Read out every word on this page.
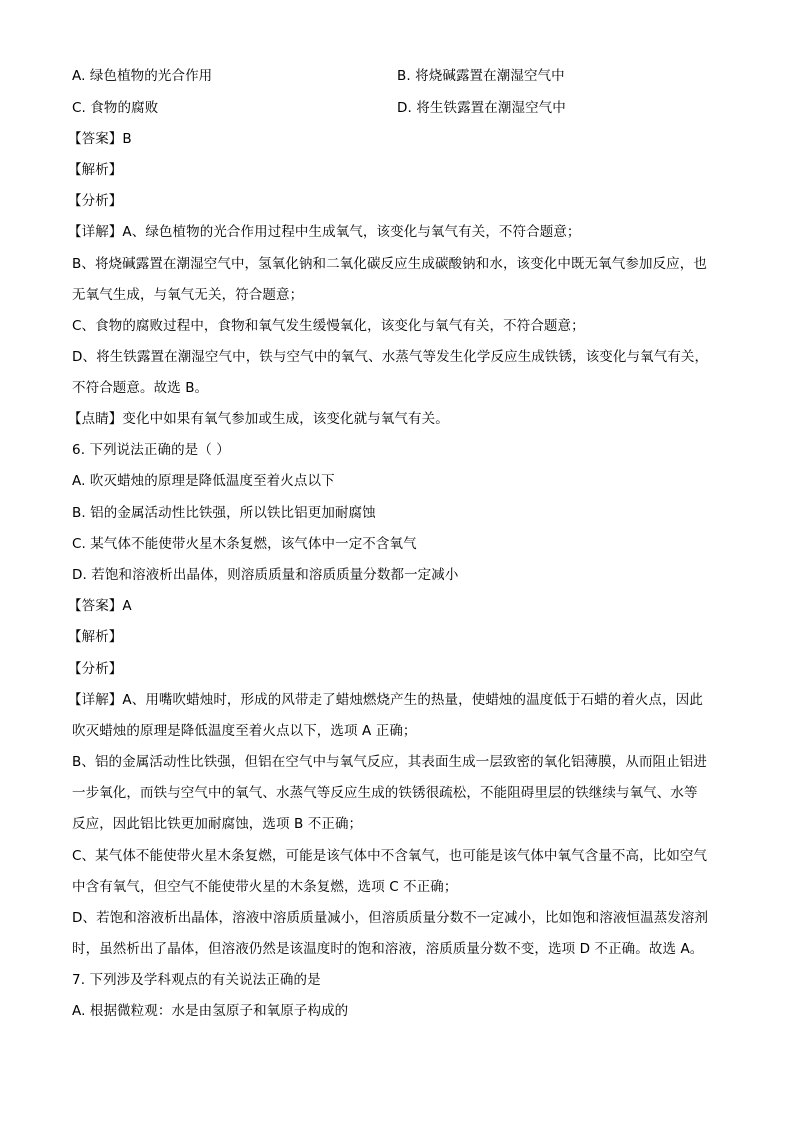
A. 绿色植物的光合作用	B. 将烧碱露置在潮湿空气中
C. 食物的腐败	D. 将生铁露置在潮湿空气中
【答案】B
【解析】
【分析】
【详解】A、绿色植物的光合作用过程中生成氧气，该变化与氧气有关，不符合题意；
B、将烧碱露置在潮湿空气中，氢氧化钠和二氧化碳反应生成碳酸钠和水，该变化中既无氧气参加反应，也
无氧气生成，与氧气无关，符合题意；
C、食物的腐败过程中，食物和氧气发生缓慢氧化，该变化与氧气有关，不符合题意；
D、将生铁露置在潮湿空气中，铁与空气中的氧气、水蒸气等发生化学反应生成铁锈，该变化与氧气有关，
不符合题意。故选 B。
【点睛】变化中如果有氧气参加或生成，该变化就与氧气有关。
6. 下列说法正确的是（ ）
A. 吹灭蜡烛的原理是降低温度至着火点以下
B. 铝的金属活动性比铁强，所以铁比铝更加耐腐蚀
C. 某气体不能使带火星木条复燃，该气体中一定不含氧气
D. 若饱和溶液析出晶体，则溶质质量和溶质质量分数都一定减小
【答案】A
【解析】
【分析】
【详解】A、用嘴吹蜡烛时，形成的风带走了蜡烛燃烧产生的热量，使蜡烛的温度低于石蜡的着火点，因此
吹灭蜡烛的原理是降低温度至着火点以下，选项 A 正确；
B、铝的金属活动性比铁强，但铝在空气中与氧气反应，其表面生成一层致密的氧化铝薄膜，从而阻止铝进
一步氧化，而铁与空气中的氧气、水蒸气等反应生成的铁锈很疏松，不能阻碍里层的铁继续与氧气、水等
反应，因此铝比铁更加耐腐蚀，选项 B 不正确；
C、某气体不能使带火星木条复燃，可能是该气体中不含氧气，也可能是该气体中氧气含量不高，比如空气
中含有氧气，但空气不能使带火星的木条复燃，选项 C 不正确；
D、若饱和溶液析出晶体，溶液中溶质质量减小，但溶质质量分数不一定减小，比如饱和溶液恒温蒸发溶剂
时，虽然析出了晶体，但溶液仍然是该温度时的饱和溶液，溶质质量分数不变，选项 D 不正确。故选 A。
7. 下列涉及学科观点的有关说法正确的是
A. 根据微粒观：水是由氢原子和氧原子构成的
